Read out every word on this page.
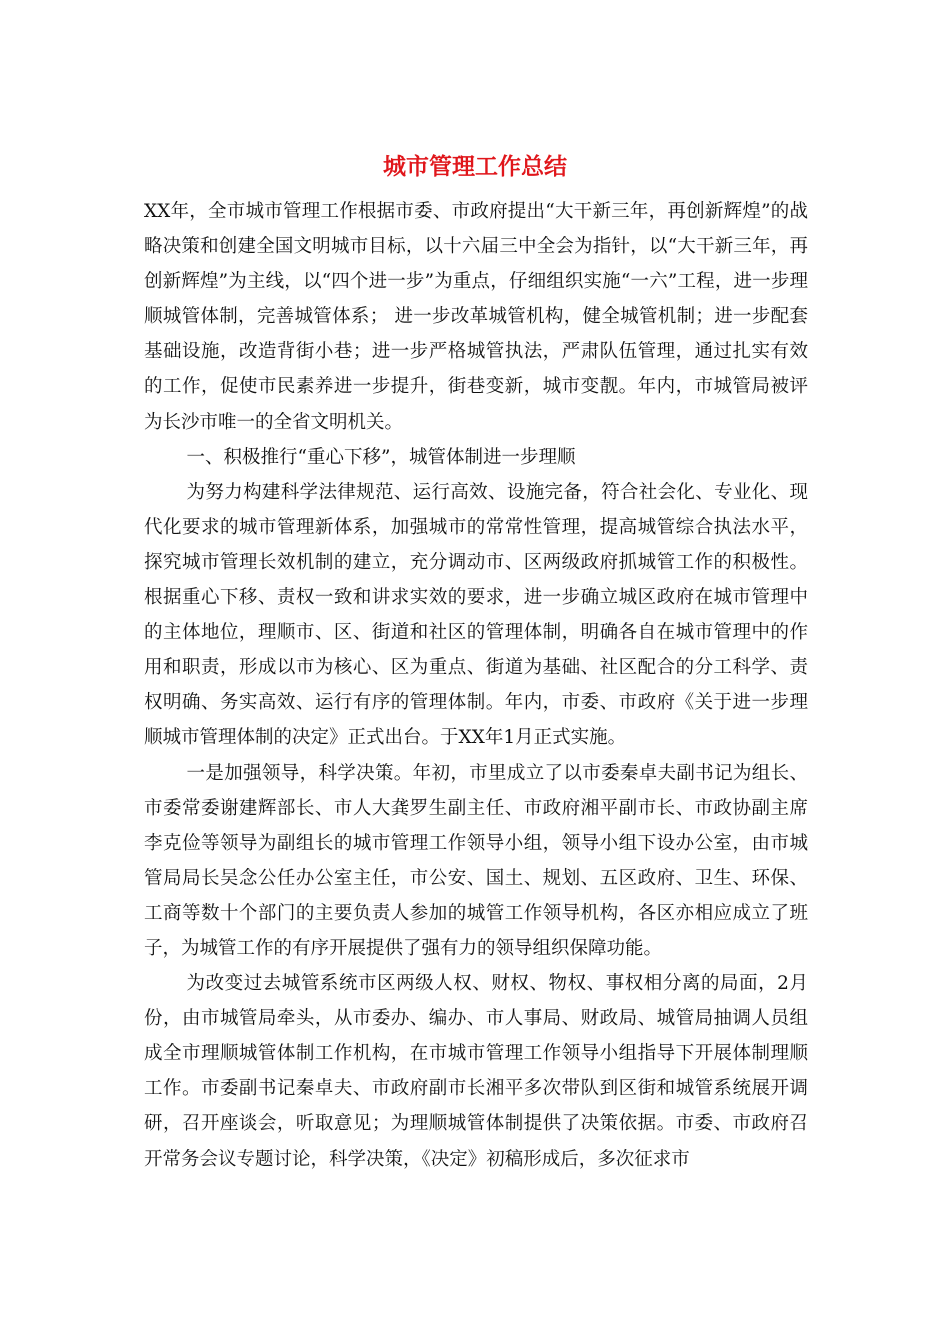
城市管理工作总结

XX年，全市城市管理工作根据市委、市政府提出“大干新三年，再创新辉煌”的战略决策和创建全国文明城市目标，以十六届三中全会为指针，以“大干新三年，再创新辉煌”为主线，以“四个进一步”为重点，仔细组织实施“一六”工程，进一步理顺城管体制，完善城管体系； 进一步改革城管机构，健全城管机制；进一步配套基础设施，改造背街小巷；进一步严格城管执法，严肃队伍管理，通过扎实有效的工作，促使市民素养进一步提升，街巷变新，城市变靓。年内，市城管局被评为长沙市唯一的全省文明机关。

一、积极推行“重心下移”，城管体制进一步理顺

为努力构建科学法律规范、运行高效、设施完备，符合社会化、专业化、现代化要求的城市管理新体系，加强城市的常常性管理，提高城管综合执法水平，探究城市管理长效机制的建立，充分调动市、区两级政府抓城管工作的积极性。根据重心下移、责权一致和讲求实效的要求，进一步确立城区政府在城市管理中的主体地位，理顺市、区、街道和社区的管理体制，明确各自在城市管理中的作用和职责，形成以市为核心、区为重点、街道为基础、社区配合的分工科学、责权明确、务实高效、运行有序的管理体制。年内，市委、市政府《关于进一步理顺城市管理体制的决定》正式出台。于XX年1月正式实施。

一是加强领导，科学决策。年初，市里成立了以市委秦卓夫副书记为组长、市委常委谢建辉部长、市人大龚罗生副主任、市政府湘平副市长、市政协副主席李克俭等领导为副组长的城市管理工作领导小组，领导小组下设办公室，由市城管局局长吴念公任办公室主任，市公安、国土、规划、五区政府、卫生、环保、工商等数十个部门的主要负责人参加的城管工作领导机构，各区亦相应成立了班子，为城管工作的有序开展提供了强有力的领导组织保障功能。

为改变过去城管系统市区两级人权、财权、物权、事权相分离的局面，2月份，由市城管局牵头，从市委办、编办、市人事局、财政局、城管局抽调人员组成全市理顺城管体制工作机构，在市城市管理工作领导小组指导下开展体制理顺工作。市委副书记秦卓夫、市政府副市长湘平多次带队到区街和城管系统展开调研，召开座谈会，听取意见；为理顺城管体制提供了决策依据。市委、市政府召开常务会议专题讨论，科学决策，《决定》初稿形成后，多次征求市
